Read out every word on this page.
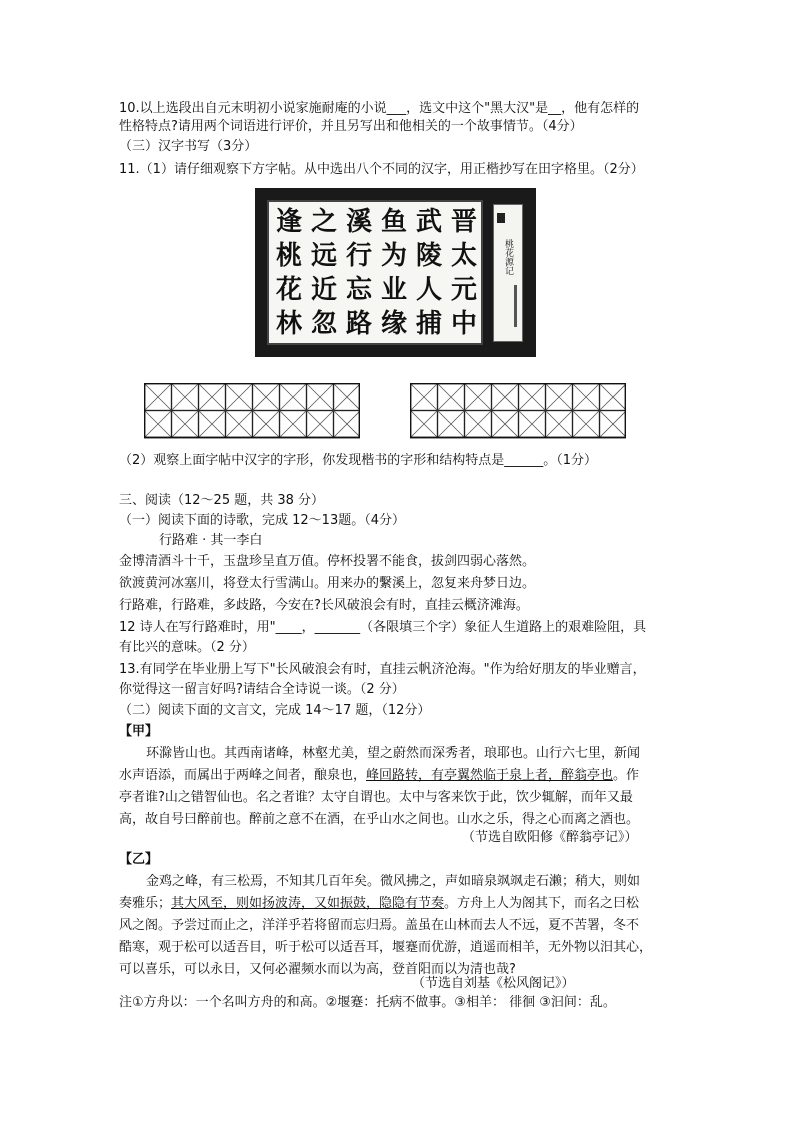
10.以上选段出自元末明初小说家施耐庵的小说___，选文中这个"黑大汉"是__，他有怎样的
性格特点?请用两个词语进行评价，并且另写出和他相关的一个故事情节。（4分）
（三）汉字书写（3分）
11.（1）请仔细观察下方字帖。从中选出八个不同的汉字，用正楷抄写在田字格里。（2分）
晋
太
元
中
武
陵
人
捕
鱼
为
业
缘
溪
行
忘
路
之
远
近
忽
逢
桃
花
林
桃花源记
（2）观察上面字帖中汉字的字形，你发现楷书的字形和结构特点是______。（1分）
三、阅读（12～25 题，共 38 分）
（一）阅读下面的诗歌，完成 12～13题。（4分）
行路难 · 其一李白
金博清酒斗十千，玉盘珍呈直万值。停杯投署不能食，拔剑四弱心落然。
欲渡黄河冰塞川，将登太行雪满山。用来办的繫溪上，忽复来舟梦日边。
行路难，行路难，多歧路，今安在?长风破浪会有时，直挂云概济滩海。
12 诗人在写行路难时，用"____，_______（各限填三个字）象征人生道路上的艰难险阻，具
有比兴的意味。（2 分）
13.有同学在毕业册上写下"长风破浪会有时，直挂云帆济沧海。"作为给好朋友的毕业赠言，
你觉得这一留言好吗?请结合全诗说一谈。（2 分）
（二）阅读下面的文言文，完成 14～17 题，（12分）
【甲】
环滁皆山也。其西南诸峰，林壑尤美，望之蔚然而深秀者，琅耶也。山行六七里，新闻
水声语添，而属出于两峰之间者，酿泉也，峰回路转，有亭翼然临于泉上者，醉翁亭也。作
亭者谁?山之错智仙也。名之者谁？太守自谓也。太中与客来饮于此，饮少辄解，而年又最
高，故自号曰醉前也。醉前之意不在酒，在乎山水之间也。山水之乐，得之心而离之酒也。
（节选自欧阳修《醉翁亭记》）
【乙】
金鸡之峰，有三松焉，不知其几百年矣。微风拂之，声如暗泉飒飒走石濑；稍大，则如
奏雅乐；其大风至，则如扬波涛，又如振鼓，隐隐有节奏。方舟上人为阁其下，而名之曰松
风之阁。予尝过而止之，洋洋乎若将留而忘归焉。盖虽在山林而去人不远，夏不苦署，冬不
酷寒，观于松可以适吾目，听于松可以适吾耳，堰蹇而优游，逍遥而相羊，无外物以汨其心，
可以喜乐，可以永日，又何必濯频水而以为高，登首阳而以为清也哉?
（节选自刘基《松风阁记》）
注①方舟以：一个名叫方舟的和高。②堰蹇：托病不做事。③相羊： 徘徊 ③汩间：乱。
